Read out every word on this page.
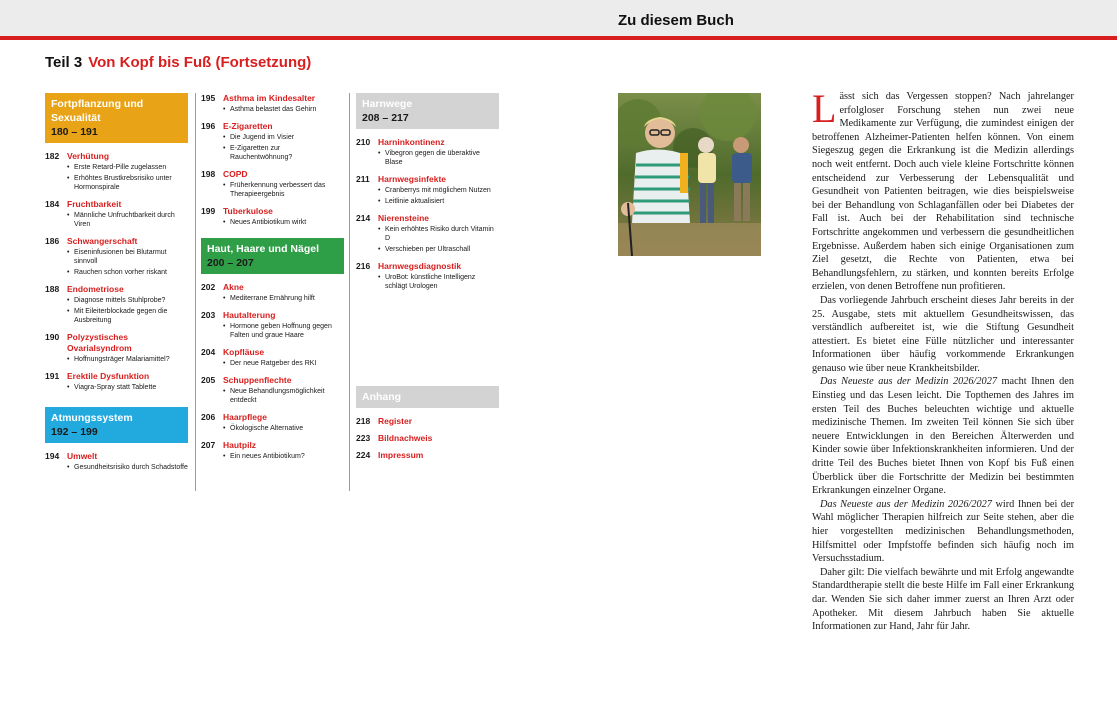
Zu diesem Buch
Teil 3 Von Kopf bis Fuß (Fortsetzung)
Fortpflanzung und Sexualität
180 – 191
182 Verhütung
• Erste Retard-Pille zugelassen
• Erhöhtes Brustkrebsrisiko unter Hormonspirale
184 Fruchtbarkeit
• Männliche Unfruchtbarkeit durch Viren
186 Schwangerschaft
• Eiseninfusionen bei Blutarmut sinnvoll
• Rauchen schon vorher riskant
188 Endometriose
• Diagnose mittels Stuhlprobe?
• Mit Eileiterblockade gegen die Ausbreitung
190 Polyzystisches Ovarialsyndrom
• Hoffnungsträger Malariamittel?
191 Erektile Dysfunktion
• Viagra-Spray statt Tablette
Atmungssystem
192 – 199
194 Umwelt
• Gesundheitsrisiko durch Schadstoffe
195 Asthma im Kindesalter
• Asthma belastet das Gehirn
196 E-Zigaretten
• Die Jugend im Visier
• E-Zigaretten zur Rauchentwöhnung?
198 COPD
• Früherkennung verbessert das Therapieergebnis
199 Tuberkulose
• Neues Antibiotikum wirkt
Haut, Haare und Nägel
200 – 207
202 Akne
• Mediterrane Ernährung hilft
203 Hautalterung
• Hormone geben Hoffnung gegen Falten und graue Haare
204 Kopfläuse
• Der neue Ratgeber des RKI
205 Schuppenflechte
• Neue Behandlungsmöglichkeit entdeckt
206 Haarpflege
• Ökologische Alternative
207 Hautpilz
• Ein neues Antibiotikum?
Harnwege
208 – 217
210 Harninkontinenz
• Vibegron gegen die überaktive Blase
211 Harnwegsinfekte
• Cranberrys mit möglichem Nutzen
• Leitlinie aktualisiert
214 Nierensteine
• Kein erhöhtes Risiko durch Vitamin D
• Verschieben per Ultraschall
216 Harnwegsdiagnostik
• UroBot: künstliche Intelligenz schlägt Urologen
Anhang
218 Register
223 Bildnachweis
224 Impressum

Lässt sich das Vergessen stoppen? Nach jahrelanger erfolgloser Forschung stehen nun zwei neue Medikamente zur Verfügung, die zumindest einigen der betroffenen Alzheimer-Patienten helfen können. Von einem Siegeszug gegen die Erkrankung ist die Medizin allerdings noch weit entfernt. Doch auch viele kleine Fortschritte können entscheidend zur Verbesserung der Lebensqualität und Gesundheit von Patienten beitragen, wie dies beispielsweise bei der Behandlung von Schlaganfällen oder bei Diabetes der Fall ist. Auch bei der Rehabilitation sind technische Fortschritte angekommen und verbessern die gesundheitlichen Ergebnisse. Außerdem haben sich einige Organisationen zum Ziel gesetzt, die Rechte von Patienten, etwa bei Behandlungsfehlern, zu stärken, und konnten bereits Erfolge erzielen, von denen Betroffene nun profitieren.

Das vorliegende Jahrbuch erscheint dieses Jahr bereits in der 25. Ausgabe, stets mit aktuellem Gesundheitswissen, das verständlich aufbereitet ist, wie die Stiftung Gesundheit attestiert. Es bietet eine Fülle nützlicher und interessanter Informationen über häufig vorkommende Erkrankungen genauso wie über neue Krankheitsbilder.

Das Neueste aus der Medizin 2026/2027 macht Ihnen den Einstieg und das Lesen leicht. Die Topthemen des Jahres im ersten Teil des Buches beleuchten wichtige und aktuelle medizinische Themen. Im zweiten Teil können Sie sich über neuere Entwicklungen in den Bereichen Älterwerden und Kinder sowie über Infektionskrankheiten informieren. Und der dritte Teil des Buches bietet Ihnen von Kopf bis Fuß einen Überblick über die Fortschritte der Medizin bei bestimmten Erkrankungen einzelner Organe.

Das Neueste aus der Medizin 2026/2027 wird Ihnen bei der Wahl möglicher Therapien hilfreich zur Seite stehen, aber die hier vorgestellten medizinischen Behandlungsmethoden, Hilfsmittel oder Impfstoffe befinden sich häufig noch im Versuchsstadium.

Daher gilt: Die vielfach bewährte und mit Erfolg angewandte Standardtherapie stellt die beste Hilfe im Fall einer Erkrankung dar. Wenden Sie sich daher immer zuerst an Ihren Arzt oder Apotheker. Mit diesem Jahrbuch haben Sie aktuelle Informationen zur Hand, Jahr für Jahr.
